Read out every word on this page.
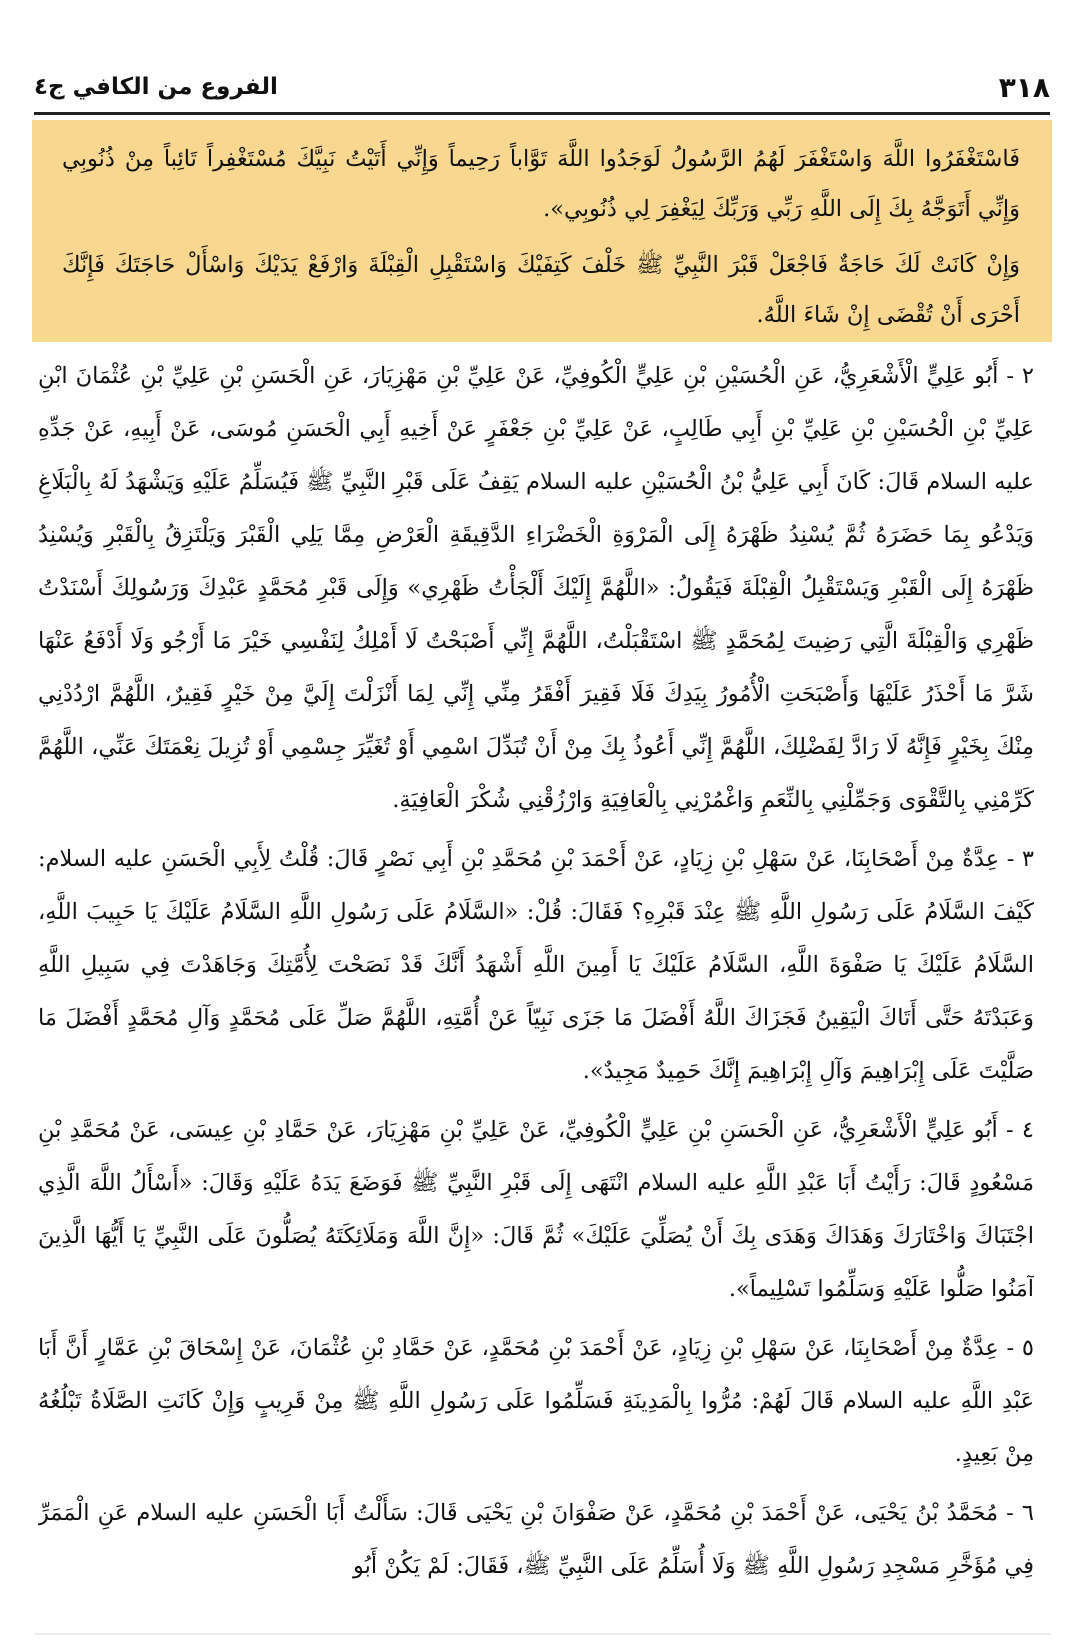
٣١٨
الفروع من الكافي ج٤

فَاسْتَغْفَرُوا اللَّهَ وَاسْتَغْفَرَ لَهُمُ الرَّسُولُ لَوَجَدُوا اللَّهَ تَوَّاباً رَحِيماً وَإِنِّي أَتَيْتُ نَبِيَّكَ مُسْتَغْفِراً تَائِباً مِنْ ذُنُوبِي وَإِنِّي أَتَوَجَّهُ بِكَ إِلَى اللَّهِ رَبِّي وَرَبِّكَ لِيَغْفِرَ لِي ذُنُوبِي».

وَإِنْ كَانَتْ لَكَ حَاجَةٌ فَاجْعَلْ قَبْرَ النَّبِيِّ ﷺ خَلْفَ كَتِفَيْكَ وَاسْتَقْبِلِ الْقِبْلَةَ وَارْفَعْ يَدَيْكَ وَاسْأَلْ حَاجَتَكَ فَإِنَّكَ أَحْرَى أَنْ تُقْضَى إِنْ شَاءَ اللَّهُ.

٢ - أَبُو عَلِيٍّ الْأَشْعَرِيُّ، عَنِ الْحُسَيْنِ بْنِ عَلِيٍّ الْكُوفِيِّ، عَنْ عَلِيِّ بْنِ مَهْزِيَارَ، عَنِ الْحَسَنِ بْنِ عَلِيِّ بْنِ عُثْمَانَ ابْنِ عَلِيِّ بْنِ الْحُسَيْنِ بْنِ عَلِيِّ بْنِ أَبِي طَالِبٍ، عَنْ عَلِيِّ بْنِ جَعْفَرٍ عَنْ أَخِيهِ أَبِي الْحَسَنِ مُوسَى، عَنْ أَبِيهِ، عَنْ جَدِّهِ عليه السلام قَالَ: كَانَ أَبِي عَلِيُّ بْنُ الْحُسَيْنِ عليه السلام يَقِفُ عَلَى قَبْرِ النَّبِيِّ ﷺ فَيُسَلِّمُ عَلَيْهِ وَيَشْهَدُ لَهُ بِالْبَلَاغِ وَيَدْعُو بِمَا حَضَرَهُ ثُمَّ يُسْنِدُ ظَهْرَهُ إِلَى الْمَرْوَةِ الْخَضْرَاءِ الدَّقِيقَةِ الْعَرْضِ مِمَّا يَلِي الْقَبْرَ وَيَلْتَزِقُ بِالْقَبْرِ وَيُسْنِدُ ظَهْرَهُ إِلَى الْقَبْرِ وَيَسْتَقْبِلُ الْقِبْلَةَ فَيَقُولُ: «اللَّهُمَّ إِلَيْكَ أَلْجَأْتُ ظَهْرِي» وَإِلَى قَبْرِ مُحَمَّدٍ عَبْدِكَ وَرَسُولِكَ أَسْنَدْتُ ظَهْرِي وَالْقِبْلَةَ الَّتِي رَضِيتَ لِمُحَمَّدٍ ﷺ اسْتَقْبَلْتُ، اللَّهُمَّ إِنِّي أَصْبَحْتُ لَا أَمْلِكُ لِنَفْسِي خَيْرَ مَا أَرْجُو وَلَا أَدْفَعُ عَنْهَا شَرَّ مَا أَحْذَرُ عَلَيْهَا وَأَصْبَحَتِ الْأُمُورُ بِيَدِكَ فَلَا فَقِيرَ أَفْقَرُ مِنِّي إِنِّي لِمَا أَنْزَلْتَ إِلَيَّ مِنْ خَيْرٍ فَقِيرٌ، اللَّهُمَّ ارْدُدْنِي مِنْكَ بِخَيْرٍ فَإِنَّهُ لَا رَادَّ لِفَضْلِكَ، اللَّهُمَّ إِنِّي أَعُوذُ بِكَ مِنْ أَنْ تُبَدِّلَ اسْمِي أَوْ تُغَيِّرَ جِسْمِي أَوْ تُزِيلَ نِعْمَتَكَ عَنِّي، اللَّهُمَّ كَرِّمْنِي بِالتَّقْوَى وَجَمِّلْنِي بِالنِّعَمِ وَاغْمُرْنِي بِالْعَافِيَةِ وَارْزُقْنِي شُكْرَ الْعَافِيَةِ.

٣ - عِدَّةٌ مِنْ أَصْحَابِنَا، عَنْ سَهْلِ بْنِ زِيَادٍ، عَنْ أَحْمَدَ بْنِ مُحَمَّدِ بْنِ أَبِي نَصْرٍ قَالَ: قُلْتُ لِأَبِي الْحَسَنِ عليه السلام: كَيْفَ السَّلَامُ عَلَى رَسُولِ اللَّهِ ﷺ عِنْدَ قَبْرِهِ؟ فَقَالَ: قُلْ: «السَّلَامُ عَلَى رَسُولِ اللَّهِ السَّلَامُ عَلَيْكَ يَا حَبِيبَ اللَّهِ، السَّلَامُ عَلَيْكَ يَا صَفْوَةَ اللَّهِ، السَّلَامُ عَلَيْكَ يَا أَمِينَ اللَّهِ أَشْهَدُ أَنَّكَ قَدْ نَصَحْتَ لِأُمَّتِكَ وَجَاهَدْتَ فِي سَبِيلِ اللَّهِ وَعَبَدْتَهُ حَتَّى أَتَاكَ الْيَقِينُ فَجَزَاكَ اللَّهُ أَفْضَلَ مَا جَزَى نَبِيّاً عَنْ أُمَّتِهِ، اللَّهُمَّ صَلِّ عَلَى مُحَمَّدٍ وَآلِ مُحَمَّدٍ أَفْضَلَ مَا صَلَّيْتَ عَلَى إِبْرَاهِيمَ وَآلِ إِبْرَاهِيمَ إِنَّكَ حَمِيدٌ مَجِيدٌ».

٤ - أَبُو عَلِيٍّ الْأَشْعَرِيُّ، عَنِ الْحَسَنِ بْنِ عَلِيٍّ الْكُوفِيِّ، عَنْ عَلِيِّ بْنِ مَهْزِيَارَ، عَنْ حَمَّادِ بْنِ عِيسَى، عَنْ مُحَمَّدِ بْنِ مَسْعُودٍ قَالَ: رَأَيْتُ أَبَا عَبْدِ اللَّهِ عليه السلام انْتَهَى إِلَى قَبْرِ النَّبِيِّ ﷺ فَوَضَعَ يَدَهُ عَلَيْهِ وَقَالَ: «أَسْأَلُ اللَّهَ الَّذِي اجْتَبَاكَ وَاخْتَارَكَ وَهَدَاكَ وَهَدَى بِكَ أَنْ يُصَلِّيَ عَلَيْكَ» ثُمَّ قَالَ: «إِنَّ اللَّهَ وَمَلَائِكَتَهُ يُصَلُّونَ عَلَى النَّبِيِّ يَا أَيُّهَا الَّذِينَ آمَنُوا صَلُّوا عَلَيْهِ وَسَلِّمُوا تَسْلِيماً».

٥ - عِدَّةٌ مِنْ أَصْحَابِنَا، عَنْ سَهْلِ بْنِ زِيَادٍ، عَنْ أَحْمَدَ بْنِ مُحَمَّدٍ، عَنْ حَمَّادِ بْنِ عُثْمَانَ، عَنْ إِسْحَاقَ بْنِ عَمَّارٍ أَنَّ أَبَا عَبْدِ اللَّهِ عليه السلام قَالَ لَهُمْ: مُرُّوا بِالْمَدِينَةِ فَسَلِّمُوا عَلَى رَسُولِ اللَّهِ ﷺ مِنْ قَرِيبٍ وَإِنْ كَانَتِ الصَّلَاةُ تَبْلُغُهُ مِنْ بَعِيدٍ.

٦ - مُحَمَّدُ بْنُ يَحْيَى، عَنْ أَحْمَدَ بْنِ مُحَمَّدٍ، عَنْ صَفْوَانَ بْنِ يَحْيَى قَالَ: سَأَلْتُ أَبَا الْحَسَنِ عليه السلام عَنِ الْمَمَرِّ فِي مُؤَخَّرِ مَسْجِدِ رَسُولِ اللَّهِ ﷺ وَلَا أُسَلِّمُ عَلَى النَّبِيِّ ﷺ، فَقَالَ: لَمْ يَكُنْ أَبُو
